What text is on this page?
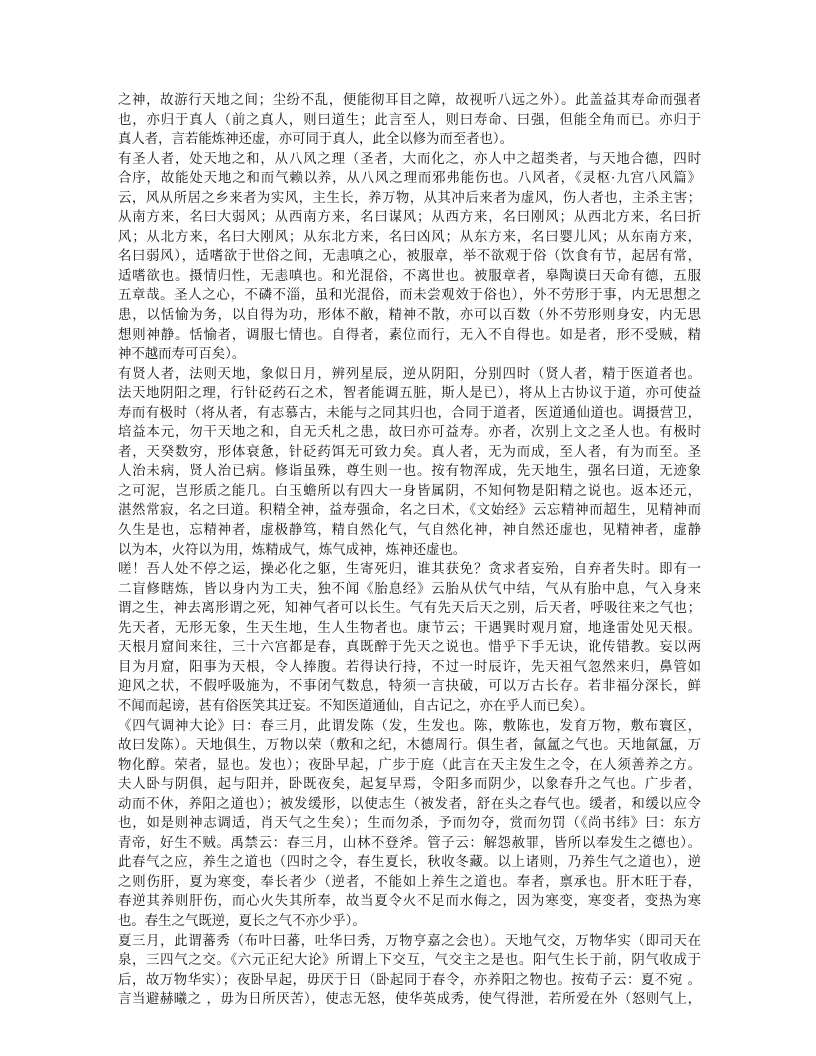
之神，故游行天地之间；尘纷不乱，便能彻耳目之障，故视听八远之外）。此盖益其寿命而强者
也，亦归于真人（前之真人，则曰道生；此言至人，则曰寿命、曰强，但能全角而已。亦归于
真人者，言若能炼神还虚，亦可同于真人，此全以修为而至者也）。
有圣人者，处天地之和，从八风之理（圣者，大而化之，亦人中之超类者，与天地合德，四时
合序，故能处天地之和而气赖以养，从八风之理而邪弗能伤也。八风者，《灵枢·九宫八风篇》
云，风从所居之乡来者为实风，主生长，养万物，从其冲后来者为虚风，伤人者也，主杀主害；
从南方来，名曰大弱风；从西南方来，名曰谋风；从西方来，名曰刚风；从西北方来，名曰折
风；从北方来，名曰大刚风；从东北方来，名曰凶风；从东方来，名曰婴儿风；从东南方来，
名曰弱风），适嗜欲于世俗之间，无恚嗔之心，被服章，举不欲观于俗（饮食有节，起居有常，
适嗜欲也。摄情归性，无恚嗔也。和光混俗，不离世也。被服章者，皋陶谟曰天命有德，五服
五章哉。圣人之心，不磷不淄，虽和光混俗，而未尝观效于俗也），外不劳形于事，内无思想之
患，以恬愉为务，以自得为功，形体不敝，精神不散，亦可以百数（外不劳形则身安，内无思
想则神静。恬愉者，调服七情也。自得者，素位而行，无入不自得也。如是者，形不受贼，精
神不越而寿可百矣）。
有贤人者，法则天地，象似日月，辨列星辰，逆从阴阳，分别四时（贤人者，精于医道者也。
法天地阴阳之理，行针砭药石之术，智者能调五脏，斯人是已），将从上古协议于道，亦可使益
寿而有极时（将从者，有志慕古，未能与之同其归也，合同于道者，医道通仙道也。调摄营卫，
培益本元，勿干天地之和，自无夭札之患，故曰亦可益寿。亦者，次别上文之圣人也。有极时
者，天癸数穷，形体衰惫，针砭药饵无可致力矣。真人者，无为而成，至人者，有为而至。圣
人治未病，贤人治已病。修诣虽殊，尊生则一也。按有物浑成，先天地生，强名曰道，无迹象
之可泥，岂形质之能几。白玉蟾所以有四大一身皆属阴，不知何物是阳精之说也。返本还元，
湛然常寂，名之曰道。积精全神，益寿强命，名之曰术，《文始经》云忘精神而超生，见精神而
久生是也，忘精神者，虚极静笃，精自然化气，气自然化神，神自然还虚也，见精神者，虚静
以为本，火符以为用，炼精成气，炼气成神，炼神还虚也。
嗟！吾人处不停之运，操必化之躯，生寄死归，谁其获免？贪求者妄殆，自弃者失时。即有一
二盲修瞎炼，皆以身内为工夫，独不闻《胎息经》云胎从伏气中结，气从有胎中息，气入身来
谓之生，神去离形谓之死，知神气者可以长生。气有先天后天之别，后天者，呼吸往来之气也；
先天者，无形无象，生天生地，生人生物者也。康节云；干遇巽时观月窟，地逢雷处见天根。
天根月窟间来往，三十六宫都是春，真既醉于先天之说也。惜乎下手无诀，讹传错教。妄以两
目为月窟，阳事为天根，令人捧腹。若得诀行持，不过一时辰许，先天祖气忽然来归，鼻管如
迎风之状，不假呼吸施为，不事闭气数息，特须一言抉破，可以万古长存。若非福分深长，鲜
不闻而起谤，甚有俗医笑其迂妄。不知医道通仙，自古记之，亦在乎人而已矣）。
《四气调神大论》曰：春三月，此谓发陈（发，生发也。陈，敷陈也，发育万物，敷布寰区，
故曰发陈）。天地俱生，万物以荣（敷和之纪，木德周行。俱生者，氤氲之气也。天地氤氲，万
物化醇。荣者，显也。发也）；夜卧早起，广步于庭（此言在天主发生之令，在人须善养之方。
夫人卧与阴俱，起与阳并，卧既夜矣，起复早焉，令阳多而阴少，以象春升之气也。广步者，
动而不休，养阳之道也）；被发缓形，以使志生（被发者，舒在头之春气也。缓者，和缓以应令
也，如是则神志调适，肖天气之生矣）；生而勿杀，予而勿夺，赏而勿罚（《尚书纬》曰：东方
青帝，好生不贼。禹禁云：春三月，山林不登斧。管子云：解怨赦罪，皆所以奉发生之德也）。
此春气之应，养生之道也（四时之令，春生夏长，秋收冬藏。以上诸则，乃养生气之道也），逆
之则伤肝，夏为寒变，奉长者少（逆者，不能如上养生之道也。奉者，禀承也。肝木旺于春，
春逆其养则肝伤，而心火失其所奉，故当夏令火不足而水侮之，因为寒变，寒变者，变热为寒
也。春生之气既逆，夏长之气不亦少乎）。
夏三月，此谓蕃秀（布叶曰蕃，吐华曰秀，万物亨嘉之会也）。天地气交，万物华实（即司天在
泉，三四气之交。《六元正纪大论》所谓上下交互，气交主之是也。阳气生长于前，阴气收成于
后，故万物华实）；夜卧早起，毋厌于日（卧起同于春令，亦养阳之物也。按荀子云：夏不宛 。
言当避赫曦之 ，毋为日所厌苦），使志无怒，使华英成秀，使气得泄，若所爱在外（怒则气上，
